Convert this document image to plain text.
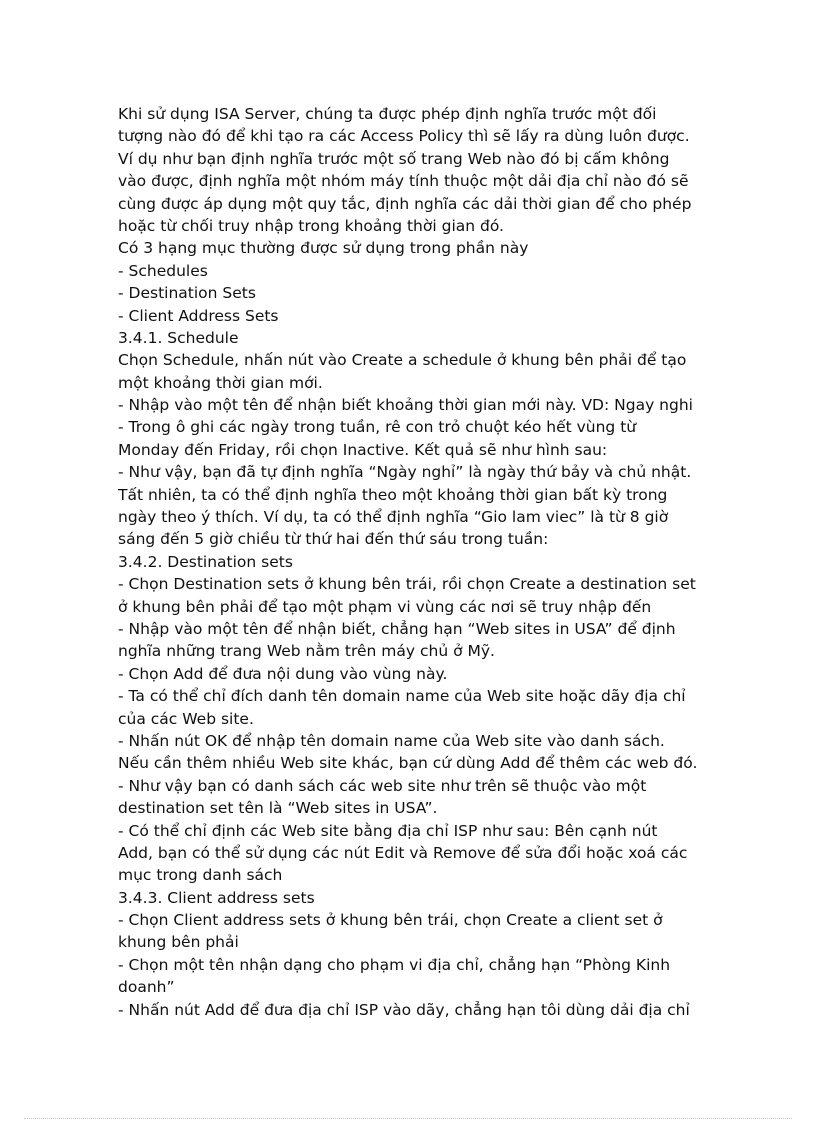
Khi sử dụng ISA Server, chúng ta được phép định nghĩa trước một đối
tượng nào đó để khi tạo ra các Access Policy thì sẽ lấy ra dùng luôn được.
Ví dụ như bạn định nghĩa trước một số trang Web nào đó bị cấm không
vào được, định nghĩa một nhóm máy tính thuộc một dải địa chỉ nào đó sẽ
cùng được áp dụng một quy tắc, định nghĩa các dải thời gian để cho phép
hoặc từ chối truy nhập trong khoảng thời gian đó.
Có 3 hạng mục thường được sử dụng trong phần này
- Schedules
- Destination Sets
- Client Address Sets
3.4.1. Schedule
Chọn Schedule, nhấn nút vào Create a schedule ở khung bên phải để tạo
một khoảng thời gian mới.
- Nhập vào một tên để nhận biết khoảng thời gian mới này. VD: Ngay nghi
- Trong ô ghi các ngày trong tuần, rê con trỏ chuột kéo hết vùng từ
Monday đến Friday, rồi chọn Inactive. Kết quả sẽ như hình sau:
- Như vậy, bạn đã tự định nghĩa “Ngày nghỉ” là ngày thứ bảy và chủ nhật.
Tất nhiên, ta có thể định nghĩa theo một khoảng thời gian bất kỳ trong
ngày theo ý thích. Ví dụ, ta có thể định nghĩa “Gio lam viec” là từ 8 giờ
sáng đến 5 giờ chiều từ thứ hai đến thứ sáu trong tuần:
3.4.2. Destination sets
- Chọn Destination sets ở khung bên trái, rồi chọn Create a destination set
ở khung bên phải để tạo một phạm vi vùng các nơi sẽ truy nhập đến
- Nhập vào một tên để nhận biết, chẳng hạn “Web sites in USA” để định
nghĩa những trang Web nằm trên máy chủ ở Mỹ.
- Chọn Add để đưa nội dung vào vùng này.
- Ta có thể chỉ đích danh tên domain name của Web site hoặc dãy địa chỉ
của các Web site.
- Nhấn nút OK để nhập tên domain name của Web site vào danh sách.
Nếu cần thêm nhiều Web site khác, bạn cứ dùng Add để thêm các web đó.
- Như vậy bạn có danh sách các web site như trên sẽ thuộc vào một
destination set tên là “Web sites in USA”.
- Có thể chỉ định các Web site bằng địa chỉ ISP như sau: Bên cạnh nút
Add, bạn có thể sử dụng các nút Edit và Remove để sửa đổi hoặc xoá các
mục trong danh sách
3.4.3. Client address sets
- Chọn Client address sets ở khung bên trái, chọn Create a client set ở
khung bên phải
- Chọn một tên nhận dạng cho phạm vi địa chỉ, chẳng hạn “Phòng Kinh
doanh”
- Nhấn nút Add để đưa địa chỉ ISP vào dãy, chẳng hạn tôi dùng dải địa chỉ
